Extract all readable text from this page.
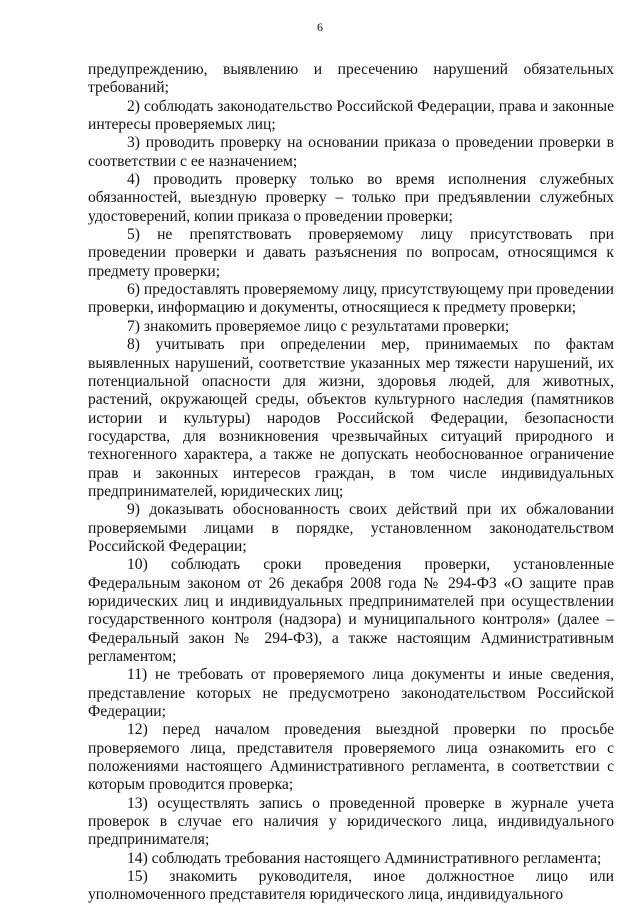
6

предупреждению, выявлению и пресечению нарушений обязательных требований;

2) соблюдать законодательство Российской Федерации, права и законные интересы проверяемых лиц;

3) проводить проверку на основании приказа о проведении проверки в соответствии с ее назначением;

4) проводить проверку только во время исполнения служебных обязанностей, выездную проверку – только при предъявлении служебных удостоверений, копии приказа о проведении проверки;

5) не препятствовать проверяемому лицу присутствовать при проведении проверки и давать разъяснения по вопросам, относящимся к предмету проверки;

6) предоставлять проверяемому лицу, присутствующему при проведении проверки, информацию и документы, относящиеся к предмету проверки;

7) знакомить проверяемое лицо с результатами проверки;

8) учитывать при определении мер, принимаемых по фактам выявленных нарушений, соответствие указанных мер тяжести нарушений, их потенциальной опасности для жизни, здоровья людей, для животных, растений, окружающей среды, объектов культурного наследия (памятников истории и культуры) народов Российской Федерации, безопасности государства, для возникновения чрезвычайных ситуаций природного и техногенного характера, а также не допускать необоснованное ограничение прав и законных интересов граждан, в том числе индивидуальных предпринимателей, юридических лиц;

9) доказывать обоснованность своих действий при их обжаловании проверяемыми лицами в порядке, установленном законодательством Российской Федерации;

10) соблюдать сроки проведения проверки, установленные Федеральным законом от 26 декабря 2008 года № 294-ФЗ «О защите прав юридических лиц и индивидуальных предпринимателей при осуществлении государственного контроля (надзора) и муниципального контроля» (далее – Федеральный закон № 294-ФЗ), а также настоящим Административным регламентом;

11) не требовать от проверяемого лица документы и иные сведения, представление которых не предусмотрено законодательством Российской Федерации;

12) перед началом проведения выездной проверки по просьбе проверяемого лица, представителя проверяемого лица ознакомить его с положениями настоящего Административного регламента, в соответствии с которым проводится проверка;

13) осуществлять запись о проведенной проверке в журнале учета проверок в случае его наличия у юридического лица, индивидуального предпринимателя;

14) соблюдать требования настоящего Административного регламента;

15) знакомить руководителя, иное должностное лицо или уполномоченного представителя юридического лица, индивидуального
